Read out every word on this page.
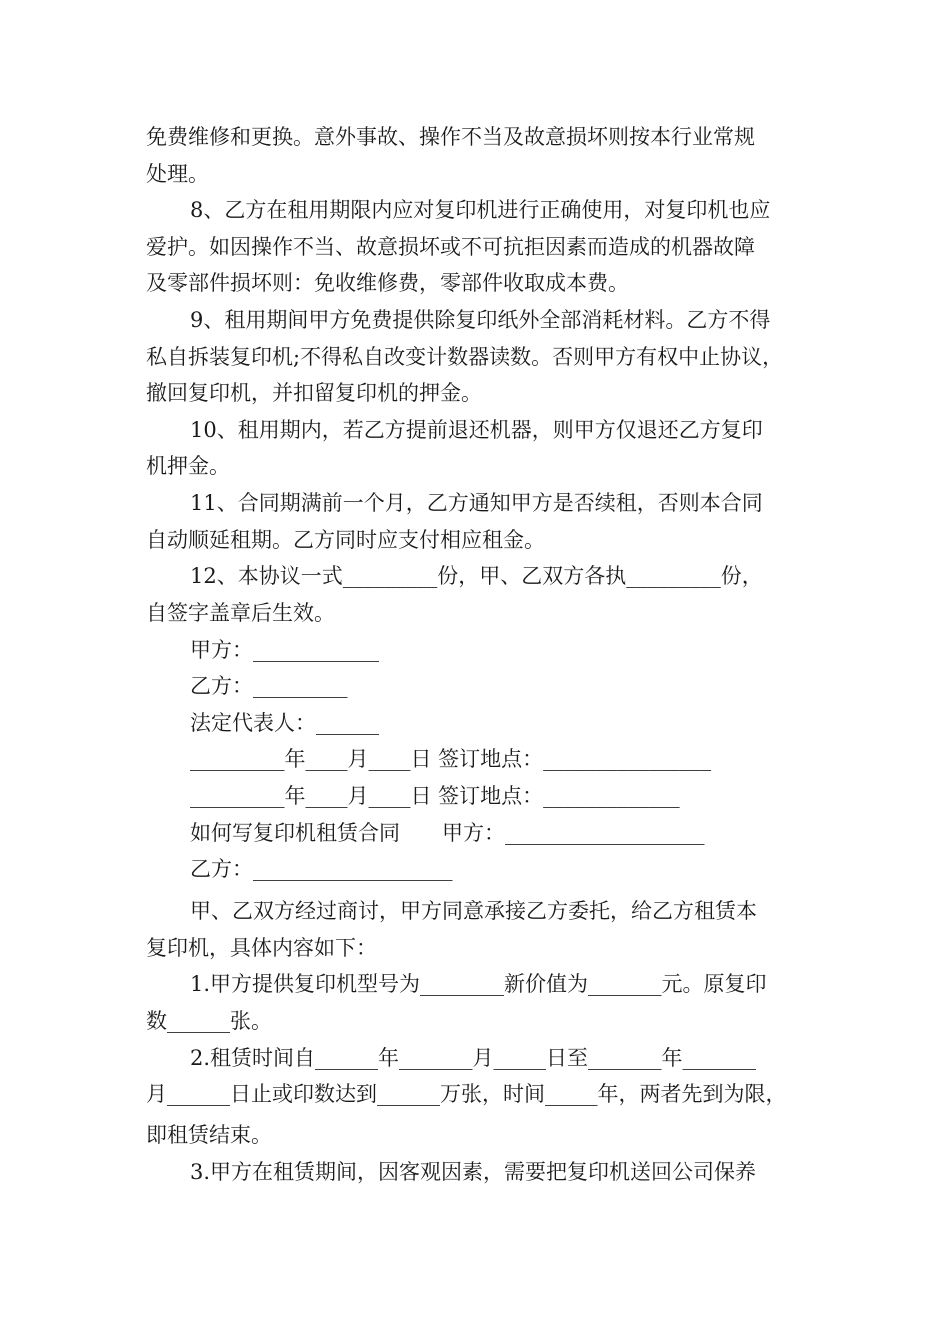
免费维修和更换。意外事故、操作不当及故意损坏则按本行业常规
处理。
8、乙方在租用期限内应对复印机进行正确使用，对复印机也应
爱护。如因操作不当、故意损坏或不可抗拒因素而造成的机器故障
及零部件损坏则：免收维修费，零部件收取成本费。
9、租用期间甲方免费提供除复印纸外全部消耗材料。乙方不得
私自拆装复印机;不得私自改变计数器读数。否则甲方有权中止协议，
撤回复印机，并扣留复印机的押金。
10、租用期内，若乙方提前退还机器，则甲方仅退还乙方复印
机押金。
11、合同期满前一个月，乙方通知甲方是否续租，否则本合同
自动顺延租期。乙方同时应支付相应租金。
12、本协议一式_________份，甲、乙双方各执_________份，
自签字盖章后生效。
甲方：____________
乙方：_________
法定代表人：______
_________年____月____日 签订地点：________________
_________年____月____日 签订地点：_____________
如何写复印机租赁合同　　甲方：___________________
乙方：___________________
甲、乙双方经过商讨，甲方同意承接乙方委托，给乙方租赁本
复印机，具体内容如下：
1.甲方提供复印机型号为________新价值为_______元。原复印
数______张。
2.租赁时间自______年_______月_____日至_______年_______
月______日止或印数达到______万张，时间_____年，两者先到为限，
即租赁结束。
3.甲方在租赁期间，因客观因素，需要把复印机送回公司保养
